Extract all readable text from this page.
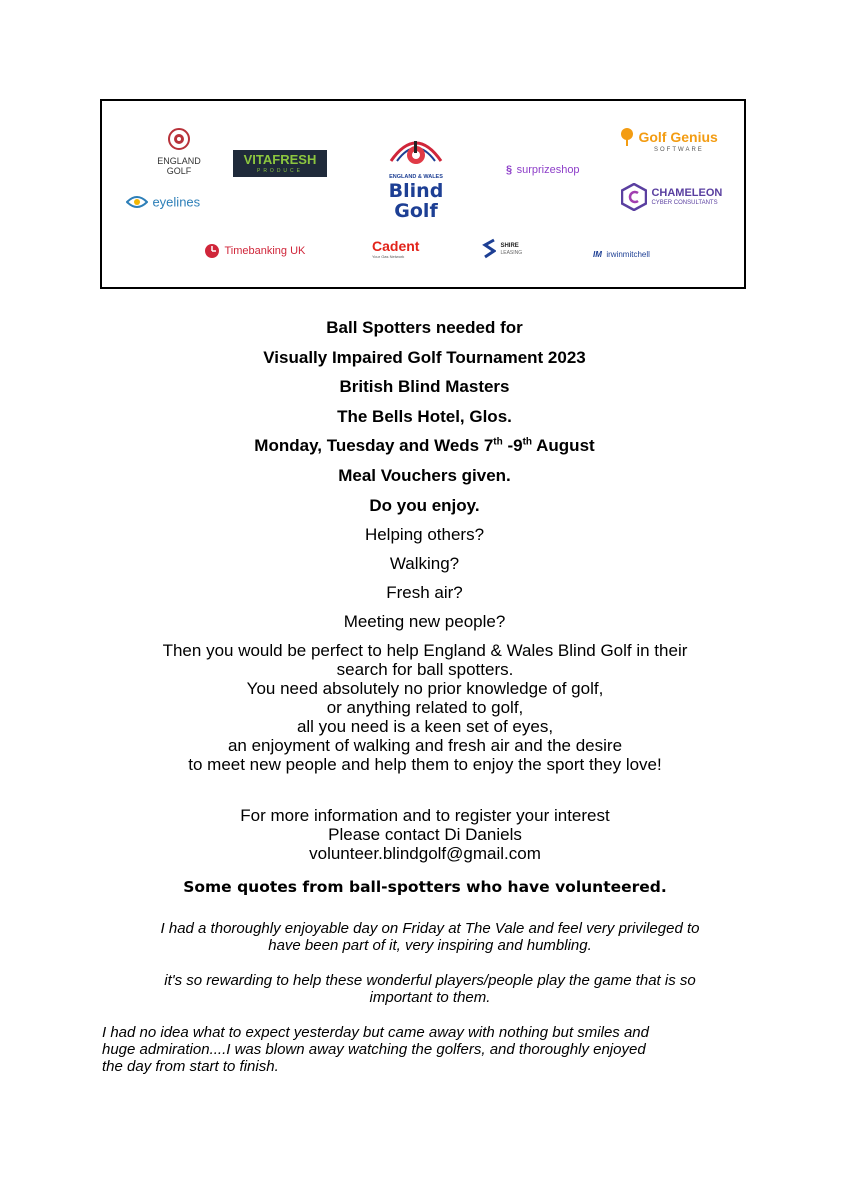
ENGLAND
GOLF
VITAFRESH
PRODUCE
ENGLAND & WALES
Blind Golf
§ surprizeshop
Golf Genius
SOFTWARE
eyelines

CHAMELEON
CYBER CONSULTANTS
Timebanking UK	Cadent
Your Gas Network

SHIRE
LEASING	IM irwinmitchell
Ball Spotters needed for
Visually Impaired Golf Tournament 2023
British Blind Masters
The Bells Hotel, Glos.
Monday, Tuesday and Weds 7th -9th August
Meal Vouchers given.
Do you enjoy.
Helping others?
Walking?
Fresh air?
Meeting new people?
Then you would be perfect to help England & Wales Blind Golf in their
search for ball spotters.
You need absolutely no prior knowledge of golf,
or anything related to golf,
all you need is a keen set of eyes,
an enjoyment of walking and fresh air and the desire
to meet new people and help them to enjoy the sport they love!
For more information and to register your interest
Please contact Di Daniels
volunteer.blindgolf@gmail.com
Some quotes from ball-spotters who have volunteered.
I had a thoroughly enjoyable day on Friday at The Vale and feel very privileged to
have been part of it, very inspiring and humbling.
it's so rewarding to help these wonderful players/people play the game that is so
important to them.
I had no idea what to expect yesterday but came away with nothing but smiles and
huge admiration....I was blown away watching the golfers, and thoroughly enjoyed
the day from start to finish.
